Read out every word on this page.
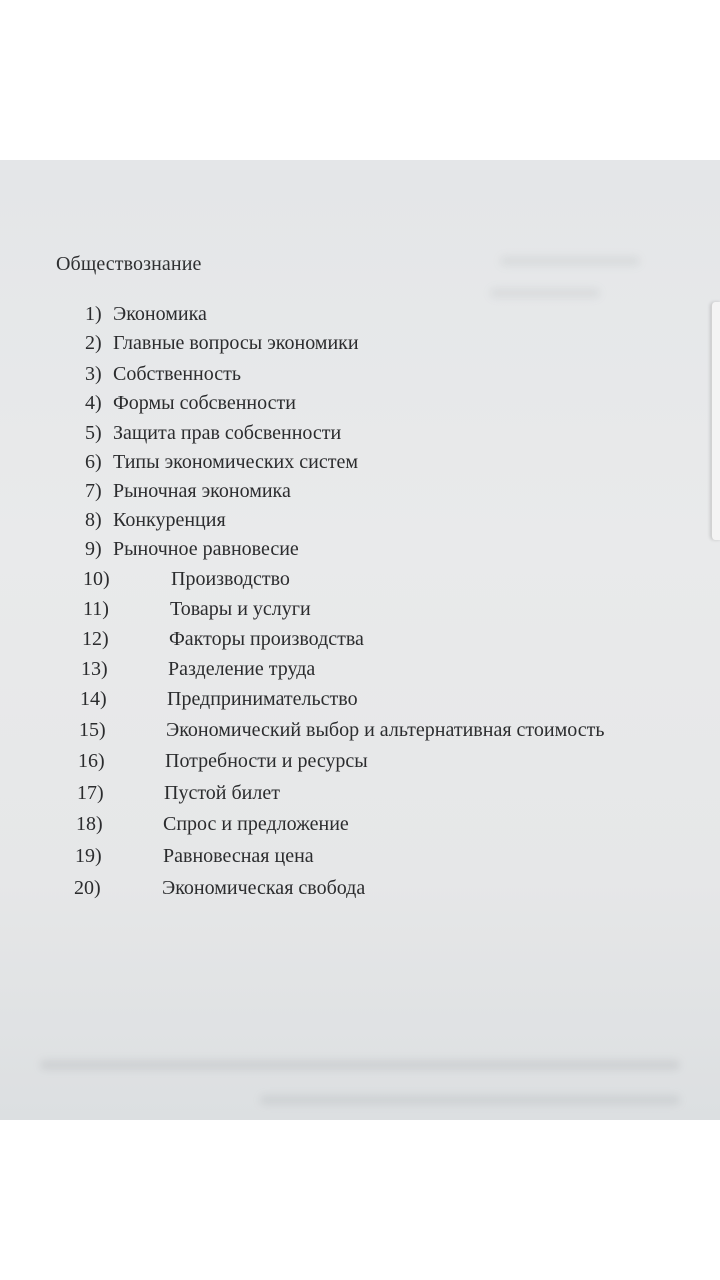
Обществознание
1) Экономика
2) Главные вопросы экономики
3) Собственность
4) Формы собсвенности
5) Защита прав собсвенности
6) Типы экономических систем
7) Рыночная экономика
8) Конкуренция
9) Рыночное равновесие
10)	Производство
11)	Товары и услуги
12)	Факторы производства
13)	Разделение труда
14)	Предпринимательство
15)	Экономический выбор и альтернативная стоимость
16)	Потребности и ресурсы
17)	Пустой билет
18)	Спрос и предложение
19)	Равновесная цена
20)	Экономическая свобода
